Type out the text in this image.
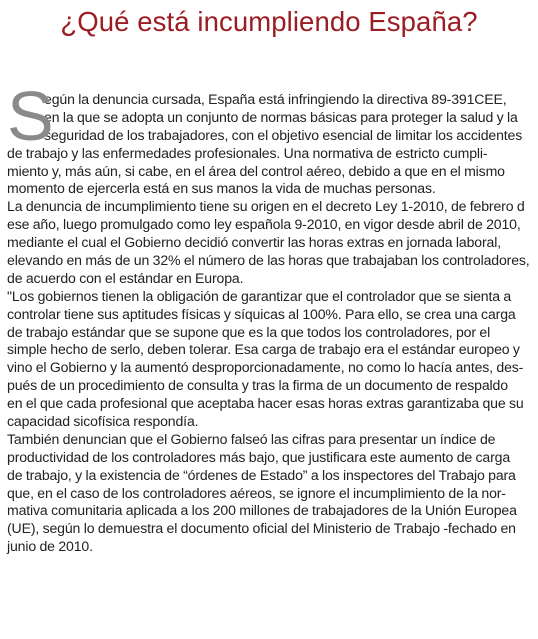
¿Qué está incumpliendo España?
S
egún la denuncia cursada, España está infringiendo la directiva 89-391CEE,
en la que se adopta un conjunto de normas básicas para proteger la salud y la
seguridad de los trabajadores, con el objetivo esencial de limitar los accidentes
de trabajo y las enfermedades profesionales. Una normativa de estricto cumpli-
miento y, más aún, si cabe, en el área del control aéreo, debido a que en el mismo
momento de ejercerla está en sus manos la vida de muchas personas.
La denuncia de incumplimiento tiene su origen en el decreto Ley 1-2010, de febrero d
ese año, luego promulgado como ley española 9-2010, en vigor desde abril de 2010,
mediante el cual el Gobierno decidió convertir las horas extras en jornada laboral,
elevando en más de un 32% el número de las horas que trabajaban los controladores,
de acuerdo con el estándar en Europa.
"Los gobiernos tienen la obligación de garantizar que el controlador que se sienta a
controlar tiene sus aptitudes físicas y síquicas al 100%. Para ello, se crea una carga
de trabajo estándar que se supone que es la que todos los controladores, por el
simple hecho de serlo, deben tolerar. Esa carga de trabajo era el estándar europeo y
vino el Gobierno y la aumentó desproporcionadamente, no como lo hacía antes, des-
pués de un procedimiento de consulta y tras la firma de un documento de respaldo
en el que cada profesional que aceptaba hacer esas horas extras garantizaba que su
capacidad sicofísica respondía.
También denuncian que el Gobierno falseó las cifras para presentar un índice de
productividad de los controladores más bajo, que justificara este aumento de carga
de trabajo, y la existencia de “órdenes de Estado” a los inspectores del Trabajo para
que, en el caso de los controladores aéreos, se ignore el incumplimiento de la nor-
mativa comunitaria aplicada a los 200 millones de trabajadores de la Unión Europea
(UE), según lo demuestra el documento oficial del Ministerio de Trabajo -fechado en
junio de 2010.
